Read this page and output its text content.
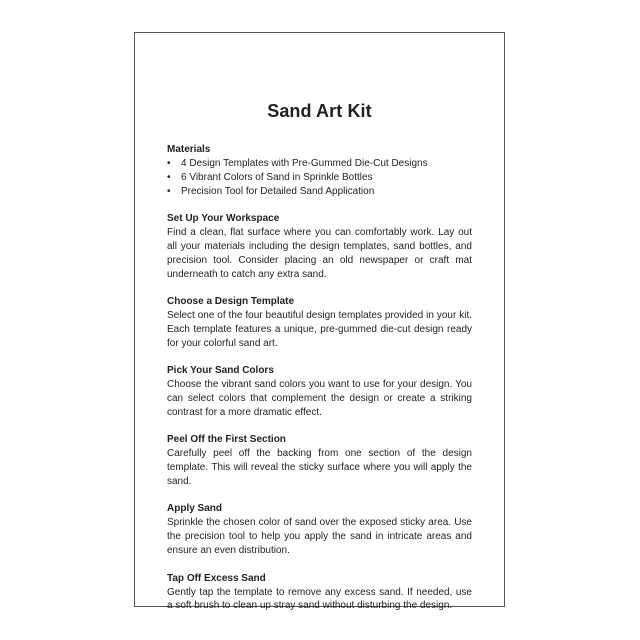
Sand Art Kit

Materials

• 4 Design Templates with Pre-Gummed Die-Cut Designs
• 6 Vibrant Colors of Sand in Sprinkle Bottles
• Precision Tool for Detailed Sand Application

Set Up Your Workspace

Find a clean, flat surface where you can comfortably work. Lay out all your materials including the design templates, sand bottles, and precision tool. Consider placing an old newspaper or craft mat underneath to catch any extra sand.

Choose a Design Template

Select one of the four beautiful design templates provided in your kit. Each template features a unique, pre-gummed die-cut design ready for your colorful sand art.

Pick Your Sand Colors

Choose the vibrant sand colors you want to use for your design. You can select colors that complement the design or create a striking contrast for a more dramatic effect.

Peel Off the First Section

Carefully peel off the backing from one section of the design template. This will reveal the sticky surface where you will apply the sand.

Apply Sand

Sprinkle the chosen color of sand over the exposed sticky area. Use the precision tool to help you apply the sand in intricate areas and ensure an even distribution.

Tap Off Excess Sand

Gently tap the template to remove any excess sand. If needed, use a soft brush to clean up stray sand without disturbing the design.
